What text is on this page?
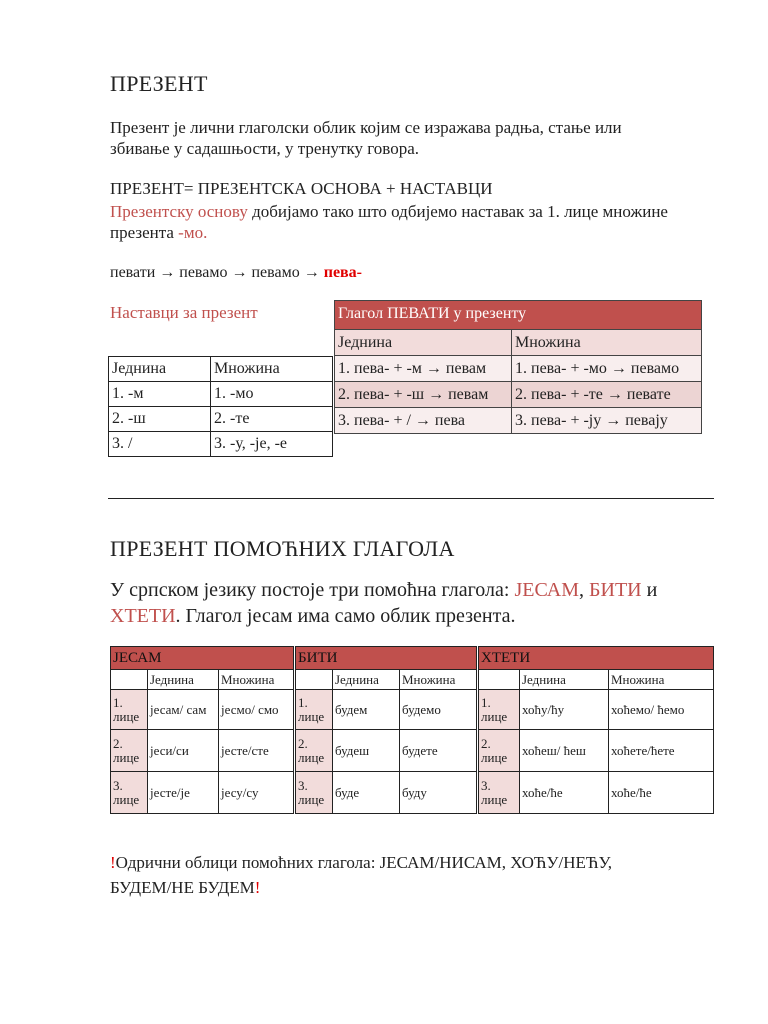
ПРЕЗЕНТ
Презент је лични глаголски облик којим се изражава радња, стање или збивање у садашњости, у тренутку говора.
ПРЕЗЕНТ= ПРЕЗЕНТСКА ОСНОВА + НАСТАВЦИ
Презентску основу добијамо тако што одбијемо наставак за 1. лице множине презента -мо.
певати → певамо → певамо → пева-
Наставци за презент
Једнина	Множина
1. -м	1. -мо
2. -ш	2. -те
3. /	3. -у, -је, -е
Глагол ПЕВАТИ у презенту	
Једнина	Множина
1. пева- + -м → певам	1. пева- + -мо → певамо
2. пева- + -ш → певам	2. пева- + -те → певате
3. пева- + / → пева	3. пева- + -ју → певају
ПРЕЗЕНТ ПОМОЋНИХ ГЛАГОЛА
У српском језику постоје три помоћна глагола: ЈЕСАМ, БИТИ и ХТЕТИ. Глагол јесам има само облик презента.
ЈЕСАМ				БИТИ				ХТЕТИ		
	Једнина	Множина			Једнина	Множина			Једнина	Множина
1. лице	јесам/ сам	јесмо/ смо		1. лице	будем	будемо		1. лице	хоћу/ћу	хоћемо/ ћемо
2. лице	јеси/си	јесте/сте		2. лице	будеш	будете		2. лице	хоћеш/ ћеш	хоћете/ћете
3. лице	јесте/је	јесу/су		3. лице	буде	буду		3. лице	хоће/ће	хоће/ће
!Одрични облици помоћних глагола: ЈЕСАМ/НИСАМ, ХОЋУ/НЕЋУ, БУДЕМ/НЕ БУДЕМ!
